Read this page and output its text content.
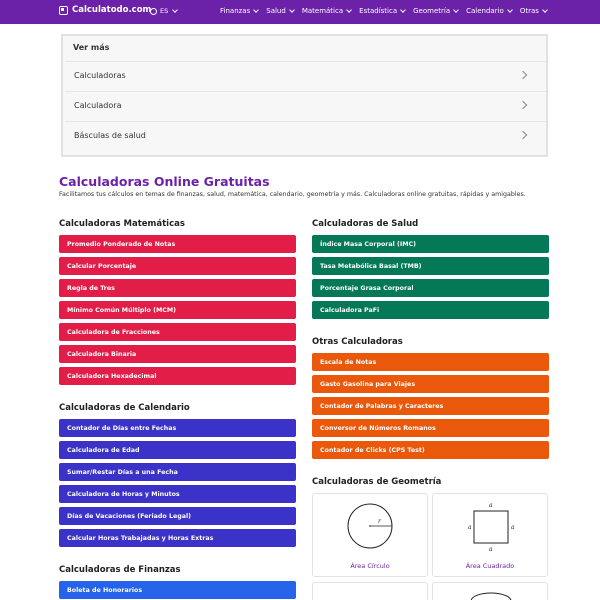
Calculatodo.com ES	Finanzas Salud Matemática Estadística Geometría Calendario Otras
Ver más
Calculadoras
Calculadora
Básculas de salud
Calculadoras Online Gratuitas
Facilitamos tus cálculos en temas de finanzas, salud, matemática, calendario, geometría y más. Calculadoras online gratuitas, rápidas y amigables.
Calculadoras Matemáticas
Promedio Ponderado de Notas
Calcular Porcentaje
Regla de Tres
Mínimo Común Múltiplo (MCM)
Calculadora de Fracciones
Calculadora Binaria
Calculadora Hexadecimal
Calculadoras de Calendario
Contador de Días entre Fechas
Calculadora de Edad
Sumar/Restar Días a una Fecha
Calculadora de Horas y Minutos
Días de Vacaciones (Feriado Legal)
Calcular Horas Trabajadas y Horas Extras
Calculadoras de Finanzas
Boleta de Honorarios
Calculadoras de Salud
Índice Masa Corporal (IMC)
Tasa Metabólica Basal (TMB)
Porcentaje Grasa Corporal
Calculadora PaFi
Otras Calculadoras
Escala de Notas
Gasto Gasolina para Viajes
Contador de Palabras y Caracteres
Conversor de Números Romanos
Contador de Clicks (CPS Test)
Calculadoras de Geometría
r
Área Círculo
a
a	a
a
Área Cuadrado
